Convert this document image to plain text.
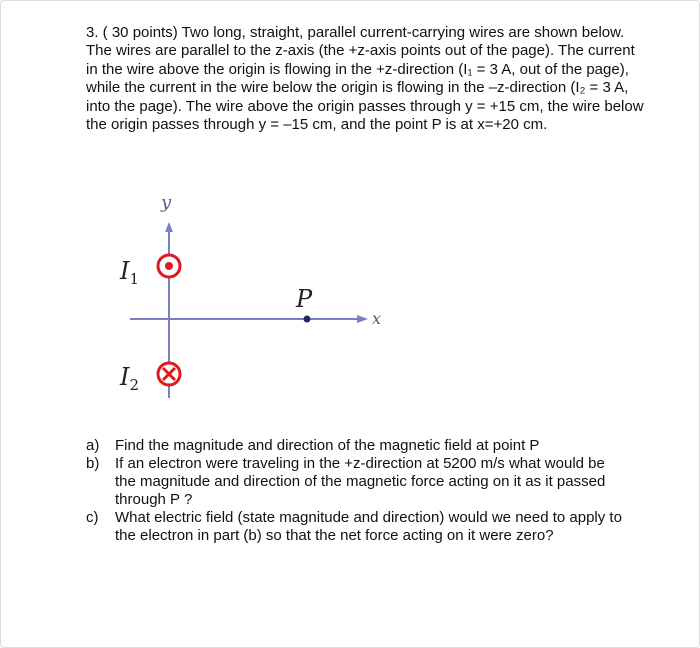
3. ( 30 points) Two long, straight, parallel current-carrying wires are shown below. The wires are parallel to the z-axis (the +z-axis points out of the page). The current in the wire above the origin is flowing in the +z-direction (I₁ = 3 A, out of the page), while the current in the wire below the origin is flowing in the –z-direction (I₂ = 3 A, into the page). The wire above the origin passes through y = +15 cm, the wire below the origin passes through y = –15 cm, and the point P is at x=+20 cm.

y
x
$I_1$
$I_2$
P
a) Find the magnitude and direction of the magnetic field at point P
b) If an electron were traveling in the +z-direction at 5200 m/s what would be the magnitude and direction of the magnetic force acting on it as it passed through P ?
c) What electric field (state magnitude and direction) would we need to apply to the electron in part (b) so that the net force acting on it were zero?
